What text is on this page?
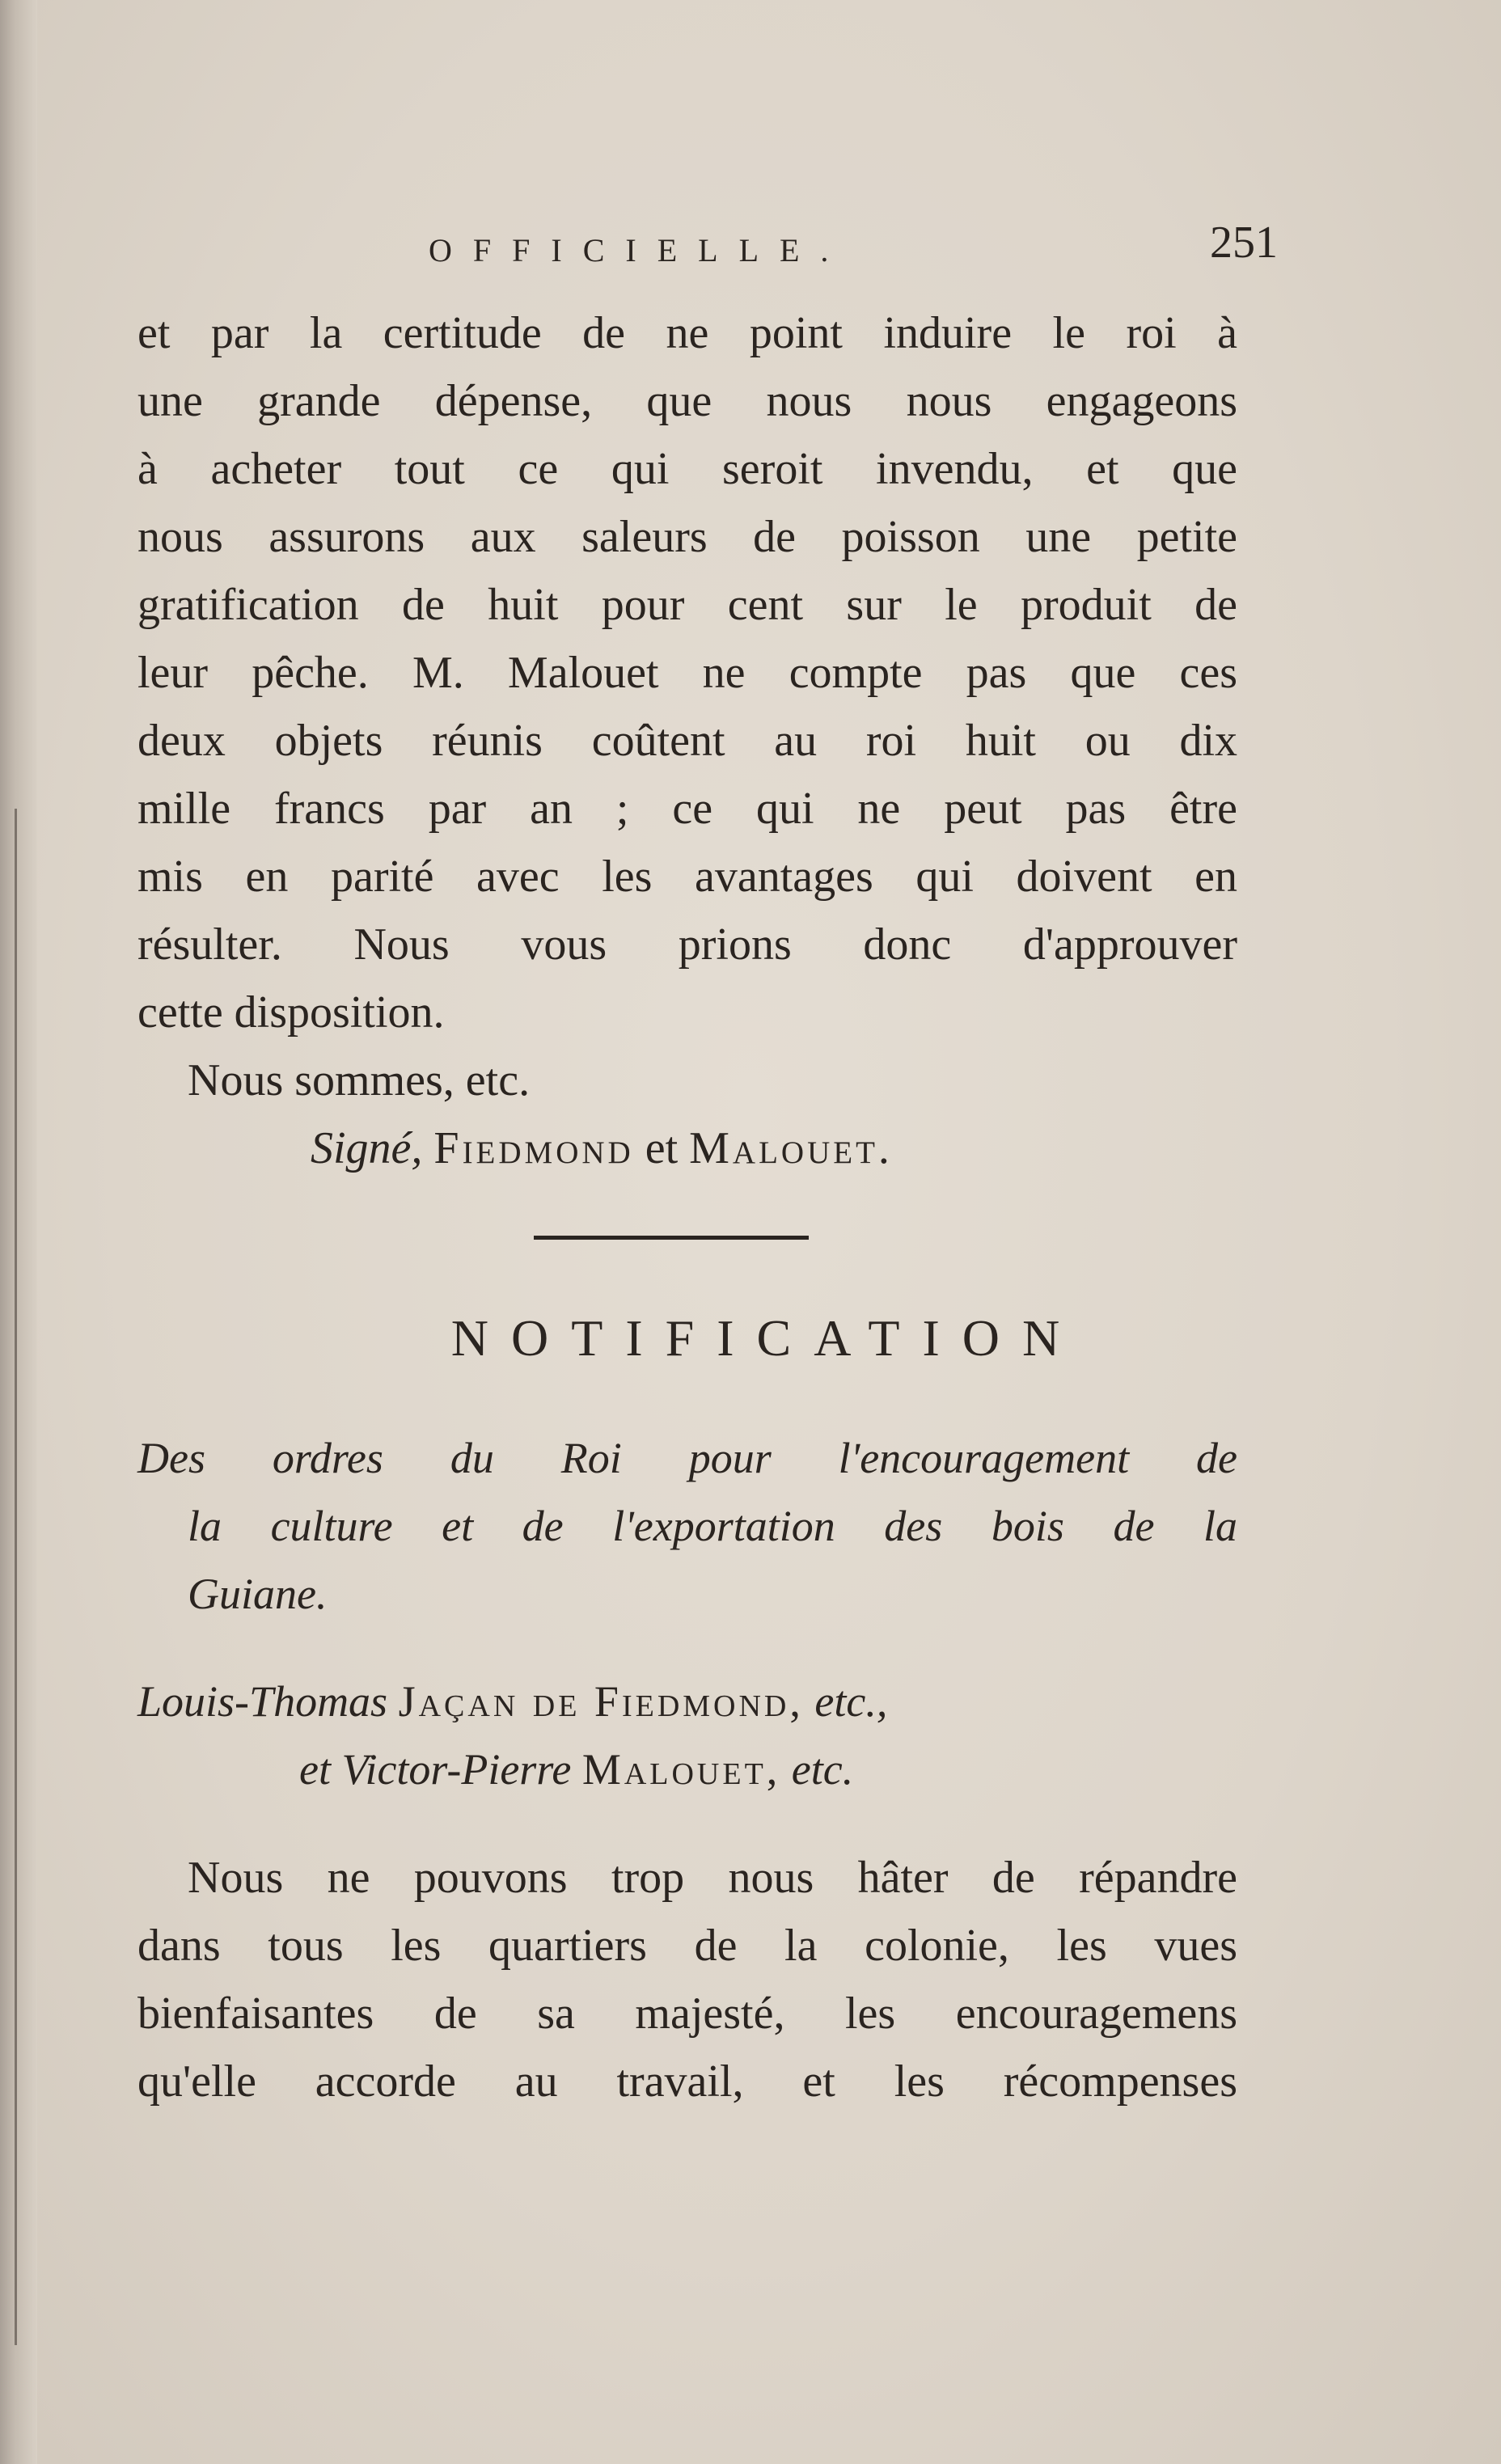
OFFICIELLE.	251
et par la certitude de ne point induire le roi à
une grande dépense, que nous nous engageons
à acheter tout ce qui seroit invendu, et que
nous assurons aux saleurs de poisson une petite
gratification de huit pour cent sur le produit de
leur pêche. M. Malouet ne compte pas que ces
deux objets réunis coûtent au roi huit ou dix
mille francs par an ; ce qui ne peut pas être
mis en parité avec les avantages qui doivent en
résulter. Nous vous prions donc d'approuver
cette disposition.
Nous sommes, etc.
Signé, Fiedmond et Malouet.
NOTIFICATION
Des ordres du Roi pour l'encouragement de
la culture et de l'exportation des bois de la
Guiane.
Louis-Thomas Jaçan de Fiedmond, etc.,
et Victor-Pierre Malouet, etc.
Nous ne pouvons trop nous hâter de répandre
dans tous les quartiers de la colonie, les vues
bienfaisantes de sa majesté, les encouragemens
qu'elle accorde au travail, et les récompenses
